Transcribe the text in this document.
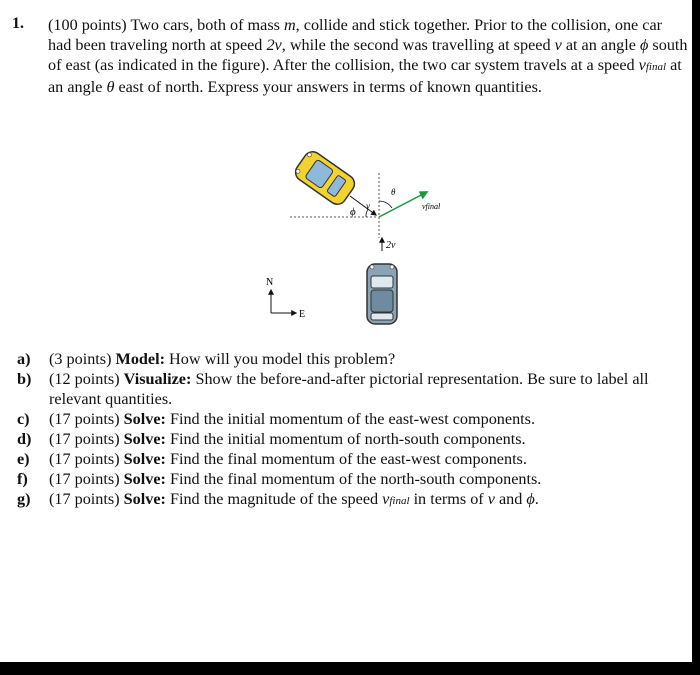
1. (100 points) Two cars, both of mass m, collide and stick together. Prior to the collision, one car had been traveling north at speed 2v, while the second was travelling at speed v at an angle ϕ south of east (as indicated in the figure). After the collision, the two car system travels at a speed vfinal at an angle θ east of north. Express your answers in terms of known quantities.

ϕ v
θ
vfinal
2v
N
E
a) (3 points) Model: How will you model this problem?
b) (12 points) Visualize: Show the before-and-after pictorial representation. Be sure to label all relevant quantities.
c) (17 points) Solve: Find the initial momentum of the east-west components.
d) (17 points) Solve: Find the initial momentum of north-south components.
e) (17 points) Solve: Find the final momentum of the east-west components.
f) (17 points) Solve: Find the final momentum of the north-south components.
g) (17 points) Solve: Find the magnitude of the speed vfinal in terms of v and ϕ.
